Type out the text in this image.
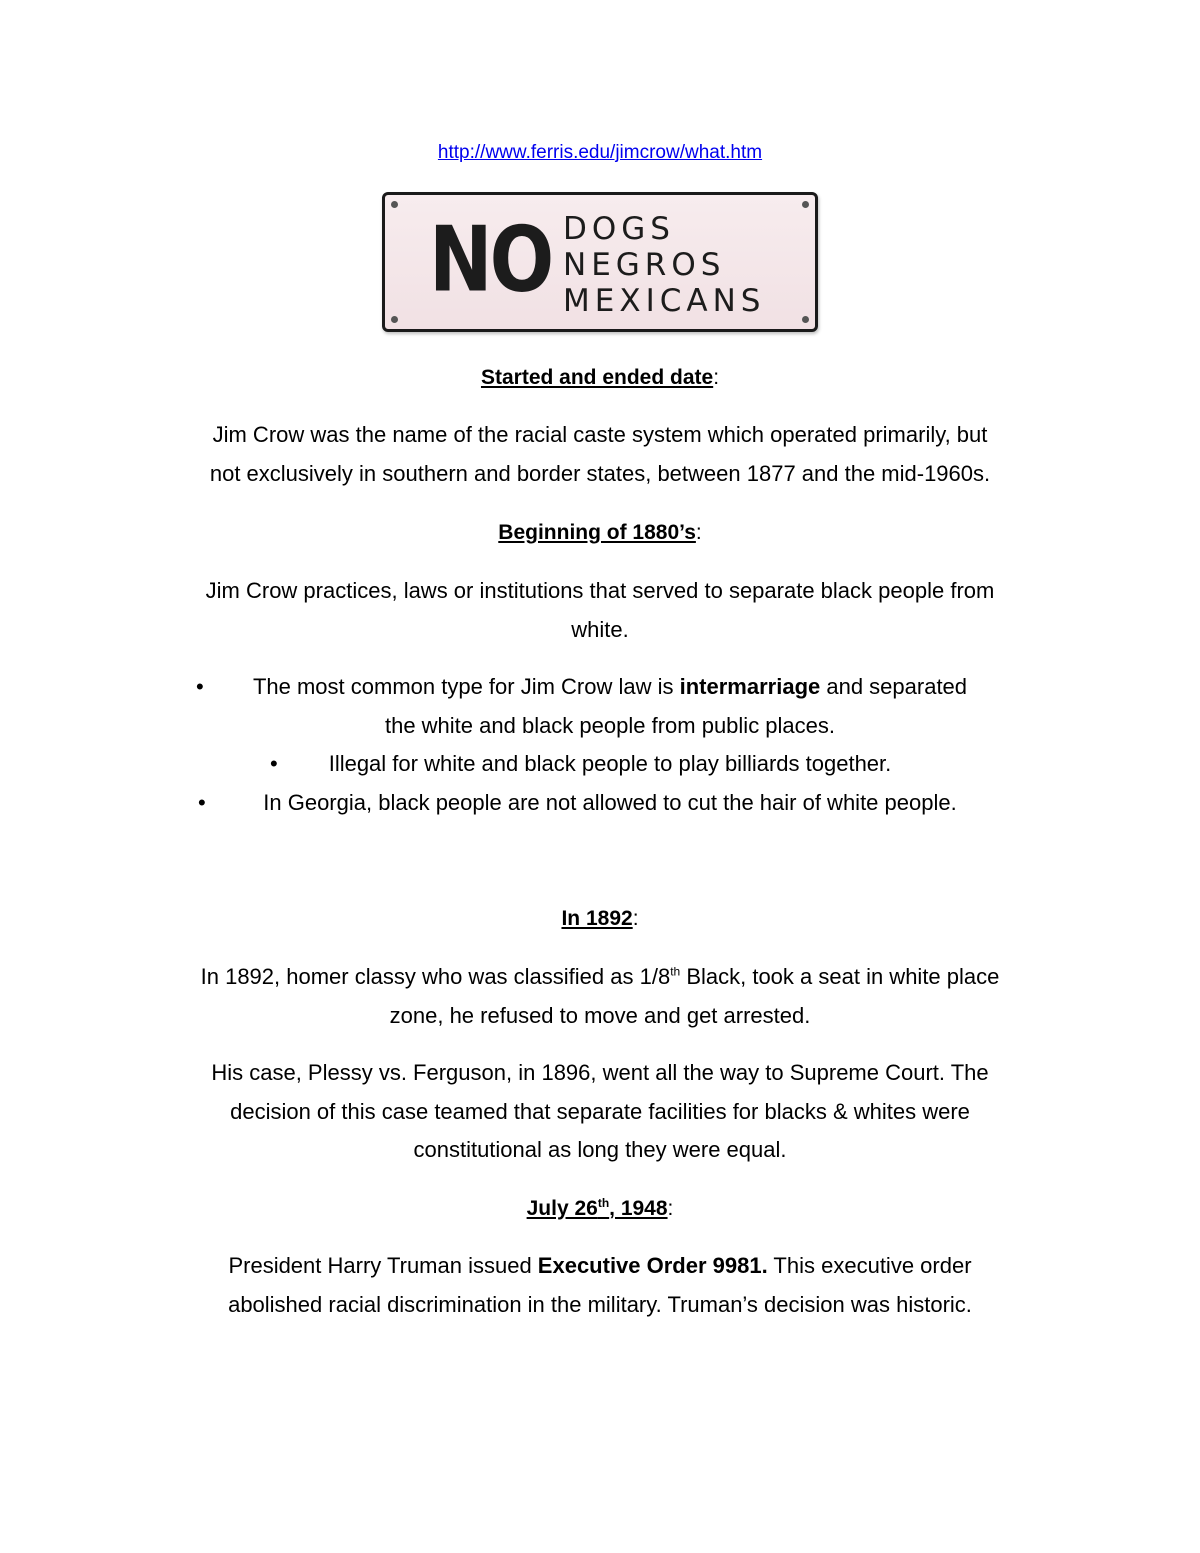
http://www.ferris.edu/jimcrow/what.htm
NO DOGS
NEGROS
MEXICANS
Started and ended date:
Jim Crow was the name of the racial caste system which operated primarily, but
not exclusively in southern and border states, between 1877 and the mid-1960s.
Beginning of 1880’s:
Jim Crow practices, laws or institutions that served to separate black people from
white.
•	The most common type for Jim Crow law is intermarriage and separated
the white and black people from public places.
•	Illegal for white and black people to play billiards together.
•	In Georgia, black people are not allowed to cut the hair of white people.
In 1892:
In 1892, homer classy who was classified as 1/8th Black, took a seat in white place
zone, he refused to move and get arrested.
His case, Plessy vs. Ferguson, in 1896, went all the way to Supreme Court. The
decision of this case teamed that separate facilities for blacks & whites were
constitutional as long they were equal.
July 26th, 1948:
President Harry Truman issued Executive Order 9981. This executive order
abolished racial discrimination in the military. Truman’s decision was historic.
